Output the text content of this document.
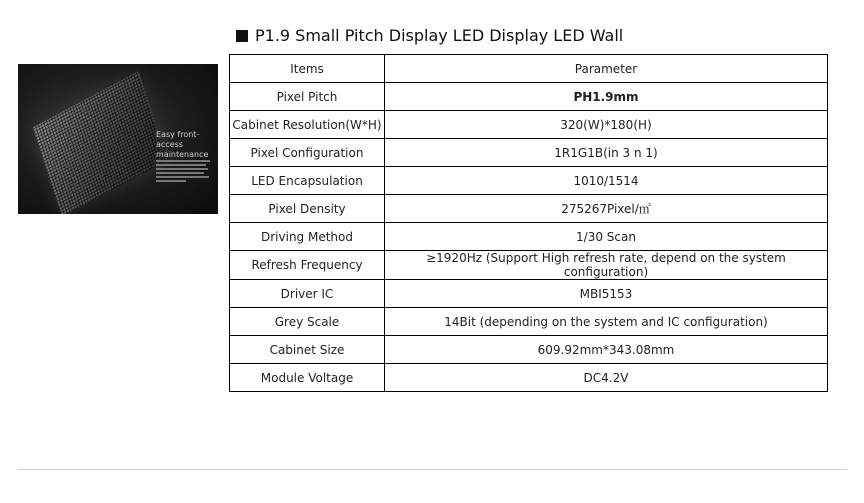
P1.9 Small Pitch Display LED Display LED Wall
Easy front-access maintenance
Items	Parameter
Pixel Pitch	PH1.9mm
Cabinet Resolution(W*H)	320(W)*180(H)
Pixel Configuration	1R1G1B(in 3 n 1)
LED Encapsulation	1010/1514
Pixel Density	275267Pixel/㎡
Driving Method	1/30 Scan
Refresh Frequency	≥1920Hz (Support High refresh rate, depend on the system configuration)
Driver IC	MBI5153
Grey Scale	14Bit (depending on the system and IC configuration)
Cabinet Size	609.92mm*343.08mm
Module Voltage	DC4.2V
